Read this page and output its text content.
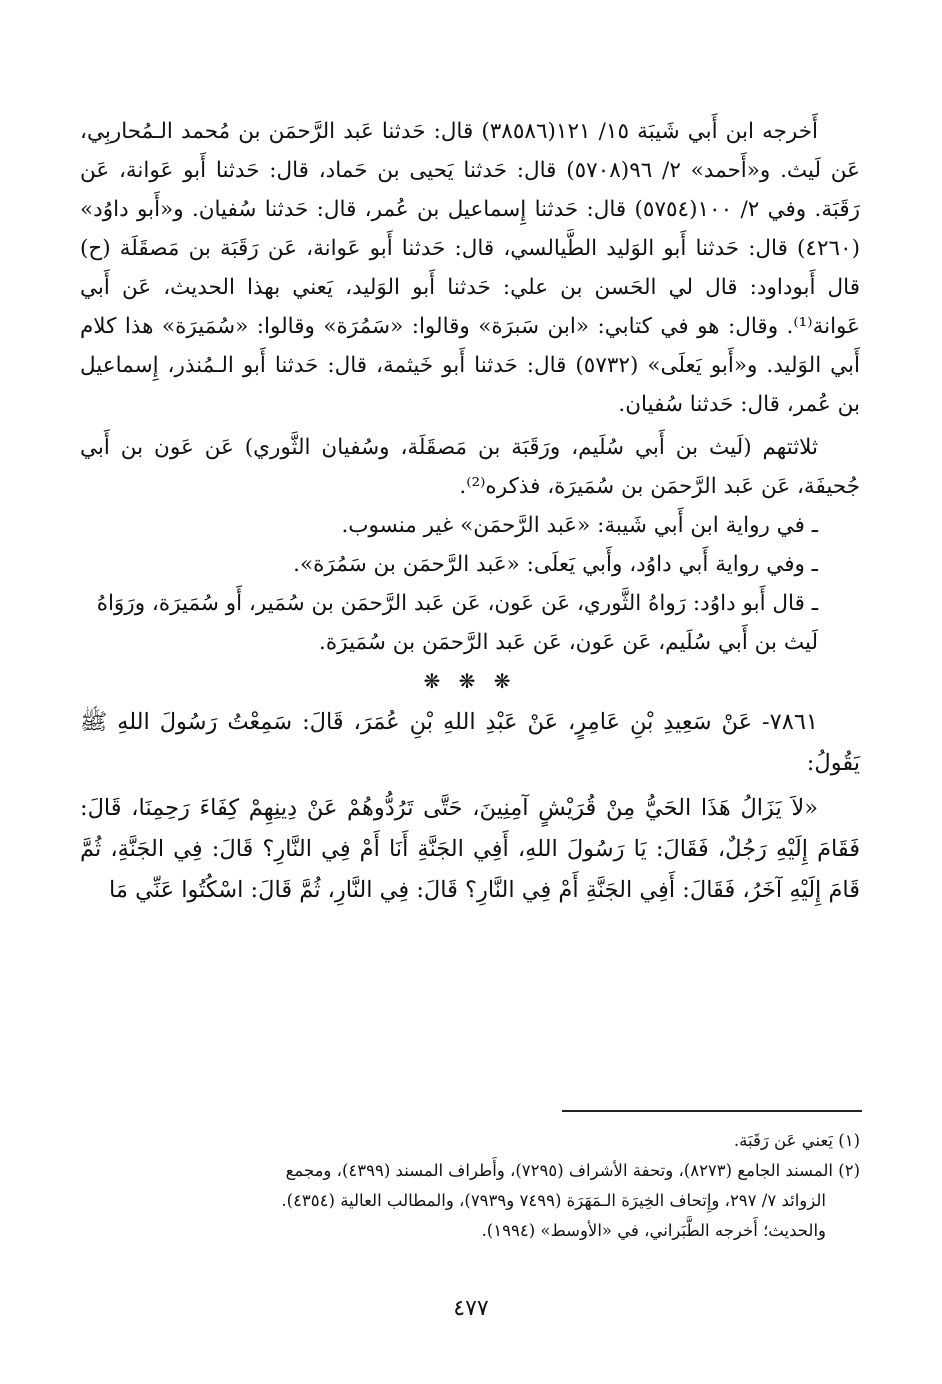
أَخرجه ابن أَبي شَيبَة ١٥/ ١٢١(٣٨٥٨٦) قال: حَدثنا عَبد الرَّحمَن بن مُحمد الـمُحاربِي، عَن لَيث. و«أَحمد» ٢/ ٩٦(٥٧٠٨) قال: حَدثنا يَحيى بن حَماد، قال: حَدثنا أَبو عَوانة، عَن رَقَبَة. وفي ٢/ ١٠٠(٥٧٥٤) قال: حَدثنا إِسماعيل بن عُمر، قال: حَدثنا سُفيان. و«أَبو داوُد» (٤٢٦٠) قال: حَدثنا أَبو الوَليد الطَّيالسي، قال: حَدثنا أَبو عَوانة، عَن رَقَبَة بن مَصقَلَة (ح) قال أَبوداود: قال لي الحَسن بن علي: حَدثنا أَبو الوَليد، يَعني بهذا الحديث، عَن أَبي عَوانة⁽¹⁾. وقال: هو في كتابي: «ابن سَبرَة» وقالوا: «سَمُرَة» وقالوا: «سُمَيرَة» هذا كلام أَبي الوَليد. و«أَبو يَعلَى» (٥٧٣٢) قال: حَدثنا أَبو خَيثمة، قال: حَدثنا أَبو الـمُنذر، إِسماعيل بن عُمر، قال: حَدثنا سُفيان.

ثلاثتهم (لَيث بن أَبي سُلَيم، ورَقَبَة بن مَصقَلَة، وسُفيان الثَّوري) عَن عَون بن أَبي جُحيفَة، عَن عَبد الرَّحمَن بن سُمَيرَة، فذكره⁽²⁾.

ـ في رواية ابن أَبي شَيبة: «عَبد الرَّحمَن» غير منسوب.

ـ وفي رواية أَبي داوُد، وأَبي يَعلَى: «عَبد الرَّحمَن بن سَمُرَة».

ـ قال أَبو داوُد: رَواهُ الثَّوري، عَن عَون، عَن عَبد الرَّحمَن بن سُمَير، أَو سُمَيرَة، ورَوَاهُ لَيث بن أَبي سُلَيم، عَن عَون، عَن عَبد الرَّحمَن بن سُمَيرَة.

❋ ❋ ❋

٧٨٦١- عَنْ سَعِيدِ بْنِ عَامِرٍ، عَنْ عَبْدِ اللهِ بْنِ عُمَرَ، قَالَ: سَمِعْتُ رَسُولَ اللهِ ﷺ يَقُولُ:

«لاَ يَزَالُ هَذَا الحَيُّ مِنْ قُرَيْشٍ آمِنِينَ، حَتَّى تَرُدُّوهُمْ عَنْ دِينِهِمْ كِفَاءَ رَحِمِنَا، قَالَ: فَقَامَ إِلَيْهِ رَجُلٌ، فَقَالَ: يَا رَسُولَ اللهِ، أَفِي الجَنَّةِ أَنَا أَمْ فِي النَّارِ؟ قَالَ: فِي الجَنَّةِ، ثُمَّ قَامَ إِلَيْهِ آخَرُ، فَقَالَ: أَفِي الجَنَّةِ أَمْ فِي النَّارِ؟ قَالَ: فِي النَّارِ، ثُمَّ قَالَ: اسْكُتُوا عَنِّي مَا

(١) يَعني عَن رَقَبَة.

(٢) المسند الجامع (٨٢٧٣)، وتحفة الأشراف (٧٢٩٥)، وأَطراف المسند (٤٣٩٩)، ومجمع

الزوائد ٧/ ٢٩٧، وإِتحاف الخِيرَة الـمَهَرَة (٧٤٩٩ و٧٩٣٩)، والمطالب العالية (٤٣٥٤).

والحديث؛ أَخرجه الطَّبَراني، في «الأوسط» (١٩٩٤).

٤٧٧
